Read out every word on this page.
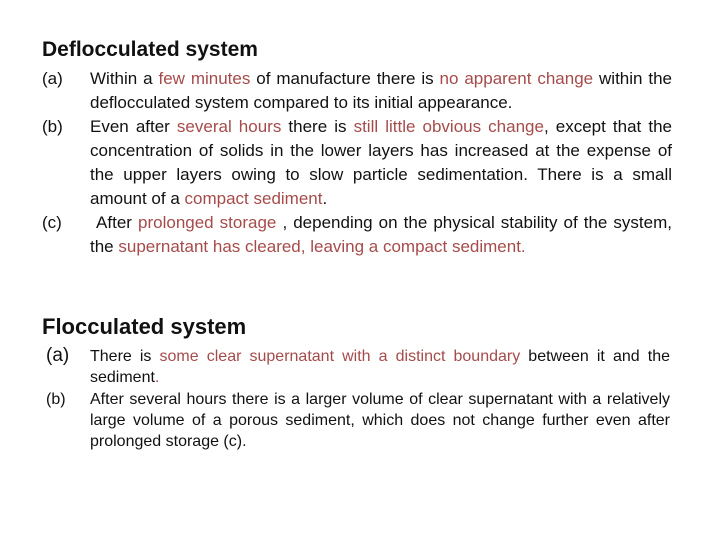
Deflocculated system
(a) Within a few minutes of manufacture there is no apparent change within the deflocculated system compared to its initial appearance.
(b) Even after several hours there is still little obvious change, except that the concentration of solids in the lower layers has increased at the expense of the upper layers owing to slow particle sedimentation. There is a small amount of a compact sediment.
(c) After prolonged storage , depending on the physical stability of the system, the supernatant has cleared, leaving a compact sediment.
Flocculated system
(a) There is some clear supernatant with a distinct boundary between it and the sediment.
(b) After several hours there is a larger volume of clear supernatant with a relatively large volume of a porous sediment, which does not change further even after prolonged storage (c).
